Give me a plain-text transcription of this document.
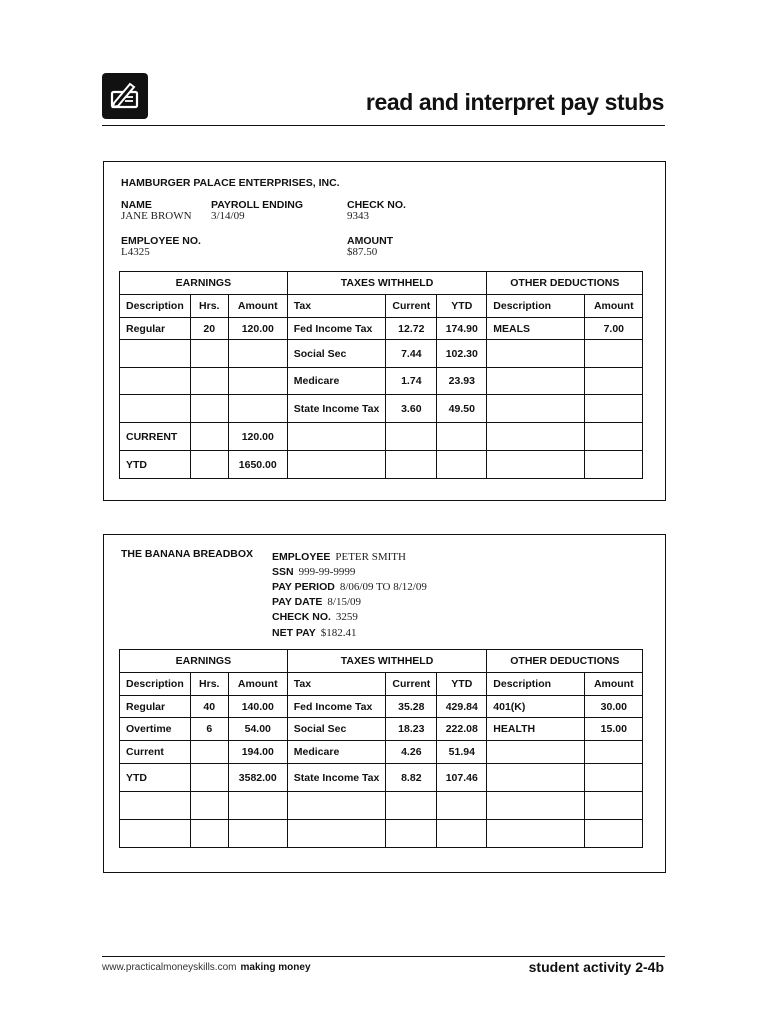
read and interpret pay stubs
HAMBURGER PALACE ENTERPRISES, INC.
NAME
JANE BROWN
PAYROLL ENDING
3/14/09
CHECK NO.
9343
EMPLOYEE NO.
L4325
AMOUNT
$87.50
EARNINGS			TAXES WITHHELD			OTHER DEDUCTIONS	
Description	Hrs.	Amount	Tax	Current	YTD	Description	Amount
Regular	20	120.00	Fed Income Tax	12.72	174.90	MEALS	7.00
			Social Sec	7.44	102.30		
			Medicare	1.74	23.93		
			State Income Tax	3.60	49.50		
CURRENT		120.00					
YTD		1650.00					
THE BANANA BREADBOX EMPLOYEE PETER SMITH
SSN 999-99-9999
PAY PERIOD 8/06/09 TO 8/12/09
PAY DATE 8/15/09
CHECK NO. 3259
NET PAY $182.41
EARNINGS			TAXES WITHHELD			OTHER DEDUCTIONS	
Description	Hrs.	Amount	Tax	Current	YTD	Description	Amount
Regular	40	140.00	Fed Income Tax	35.28	429.84	401(K)	30.00
Overtime	6	54.00	Social Sec	18.23	222.08	HEALTH	15.00
Current		194.00	Medicare	4.26	51.94		
YTD		3582.00	State Income Tax	8.82	107.46		

www.practicalmoneyskills.com making money	student activity 2-4b
